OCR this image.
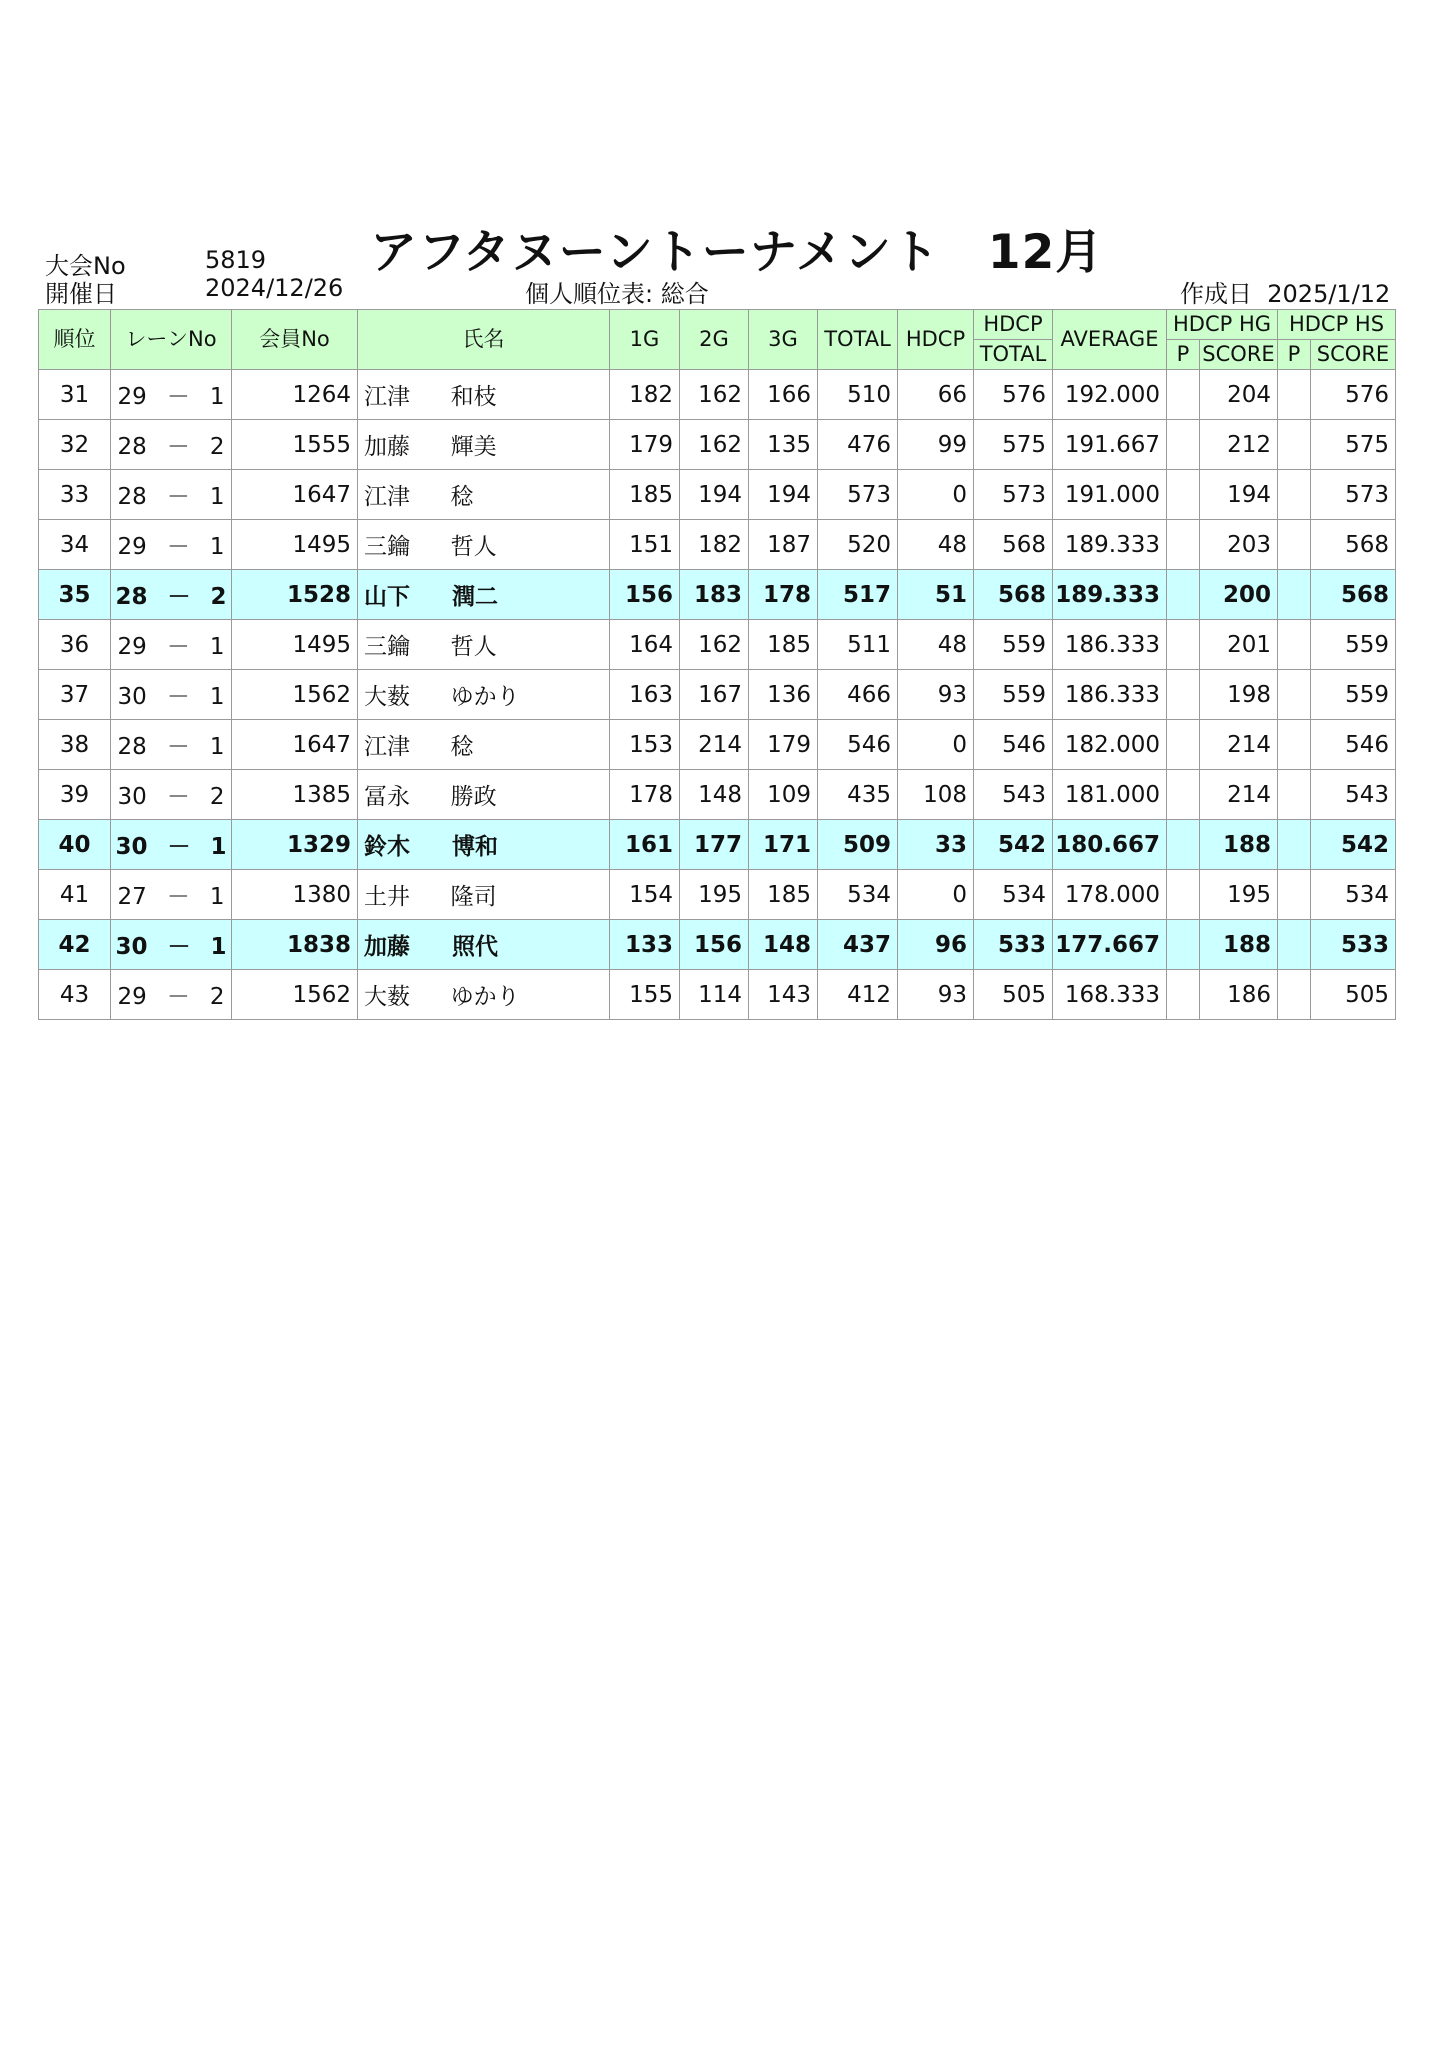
アフタヌーントーナメント　12月
大会No	5819
開催日	2024/12/26	個人順位表: 総合	作成日 2025/1/12
順位	レーンNo	会員No	氏名	1G	2G	3G	TOTAL	HDCP	HDCP	AVERAGE	HDCP HG		HDCP HS	
									TOTAL		P	SCORE	P	SCORE
31	29 － 1	1264	江津 和枝	182	162	166	510	66	576	192.000		204		576
32	28 － 2	1555	加藤 輝美	179	162	135	476	99	575	191.667		212		575
33	28 － 1	1647	江津 稔	185	194	194	573	0	573	191.000		194		573
34	29 － 1	1495	三鑰 哲人	151	182	187	520	48	568	189.333		203		568
35	28 － 2	1528	山下 潤二	156	183	178	517	51	568	189.333		200		568
36	29 － 1	1495	三鑰 哲人	164	162	185	511	48	559	186.333		201		559
37	30 － 1	1562	大薮 ゆかり	163	167	136	466	93	559	186.333		198		559
38	28 － 1	1647	江津 稔	153	214	179	546	0	546	182.000		214		546
39	30 － 2	1385	冨永 勝政	178	148	109	435	108	543	181.000		214		543
40	30 － 1	1329	鈴木 博和	161	177	171	509	33	542	180.667		188		542
41	27 － 1	1380	土井 隆司	154	195	185	534	0	534	178.000		195		534
42	30 － 1	1838	加藤 照代	133	156	148	437	96	533	177.667		188		533
43	29 － 2	1562	大薮 ゆかり	155	114	143	412	93	505	168.333		186		505
